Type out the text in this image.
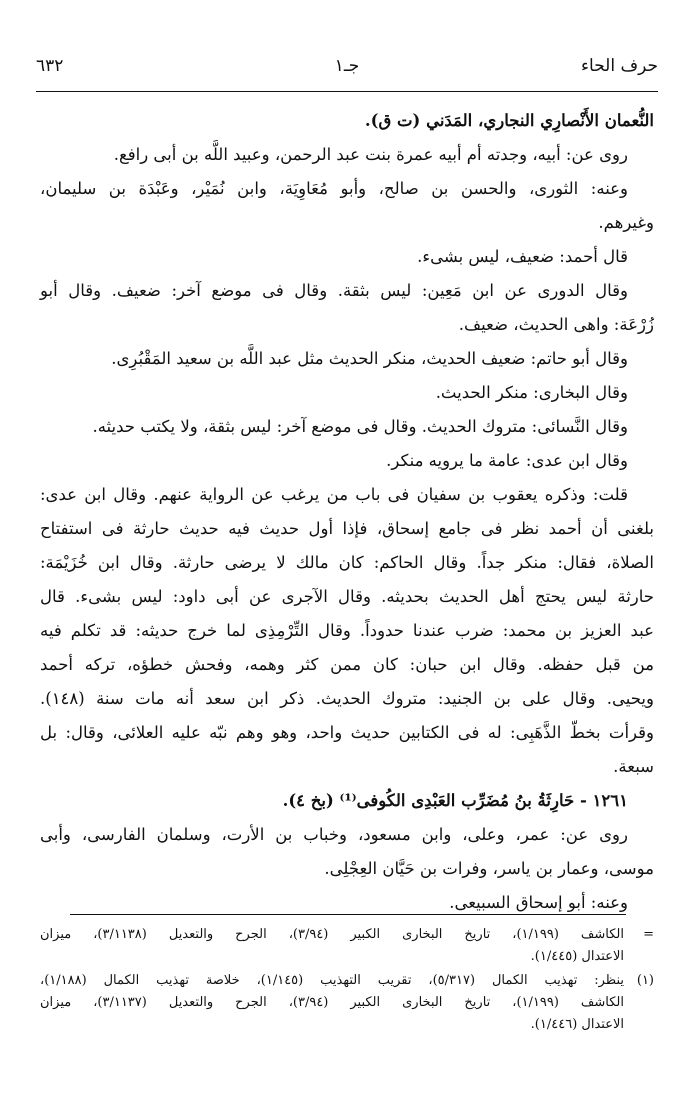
حرف الحاء
جـ١
٦٣٢
النُّعمان الأَنْصارِي النجاري، المَدَني (ت ق).
روى عن: أبيه، وجدته أم أبيه عمرة بنت عبد الرحمن، وعبيد اللَّه بن أبى رافع.
وعنه: الثورى، والحسن بن صالح، وأبو مُعَاوِيَة، وابن نُمَيْر، وعَبْدَة بن سليمان،
وغيرهم.
قال أحمد: ضعيف، ليس بشىء.
وقال الدورى عن ابن مَعِين: ليس بثقة. وقال فى موضع آخر: ضعيف. وقال أبو
زُرْعَة: واهى الحديث، ضعيف.
وقال أبو حاتم: ضعيف الحديث، منكر الحديث مثل عبد اللَّه بن سعيد المَقْبُرِى.
وقال البخارى: منكر الحديث.
وقال النَّسائى: متروك الحديث. وقال فى موضع آخر: ليس بثقة، ولا يكتب حديثه.
وقال ابن عدى: عامة ما يرويه منكر.
قلت: وذكره يعقوب بن سفيان فى باب من يرغب عن الرواية عنهم. وقال ابن عدى:
بلغنى أن أحمد نظر فى جامع إسحاق، فإذا أول حديث فيه حديث حارثة فى استفتاح
الصلاة، فقال: منكر جداً. وقال الحاكم: كان مالك لا يرضى حارثة. وقال ابن خُزَيْمَة:
حارثة ليس يحتج أهل الحديث بحديثه. وقال الآجرى عن أبى داود: ليس بشىء. قال
عبد العزيز بن محمد: ضرب عندنا حدوداً. وقال التِّرْمِذِى لما خرج حديثه: قد تكلم فيه
من قبل حفظه. وقال ابن حبان: كان ممن كثر وهمه، وفحش خطؤه، تركه أحمد
ويحيى. وقال على بن الجنيد: متروك الحديث. ذكر ابن سعد أنه مات سنة (١٤٨).
وقرأت بخطّ الذَّهَبِى: له فى الكتابين حديث واحد، وهو وهم نبّه عليه العلائى، وقال: بل
سبعة.
١٢٦١ - حَارِثَةُ بنُ مُضَرِّب العَبْدِى الكُوفى⁽¹⁾ (بخ ٤).
روى عن: عمر، وعلى، وابن مسعود، وخباب بن الأرت، وسلمان الفارسى، وأبى
موسى، وعمار بن ياسر، وفرات بن حَيَّان العِجْلِى.
وعنه: أبو إسحاق السبيعى.
=
الكاشف (١/١٩٩)، تاريخ البخارى الكبير (٣/٩٤)، الجرح والتعديل (٣/١١٣٨)، ميزان
الاعتدال (١/٤٤٥).
(١)
ينظر: تهذيب الكمال (٥/٣١٧)، تقريب التهذيب (١/١٤٥)، خلاصة تهذيب الكمال (١/١٨٨)،
الكاشف (١/١٩٩)، تاريخ البخارى الكبير (٣/٩٤)، الجرح والتعديل (٣/١١٣٧)، ميزان
الاعتدال (١/٤٤٦).
